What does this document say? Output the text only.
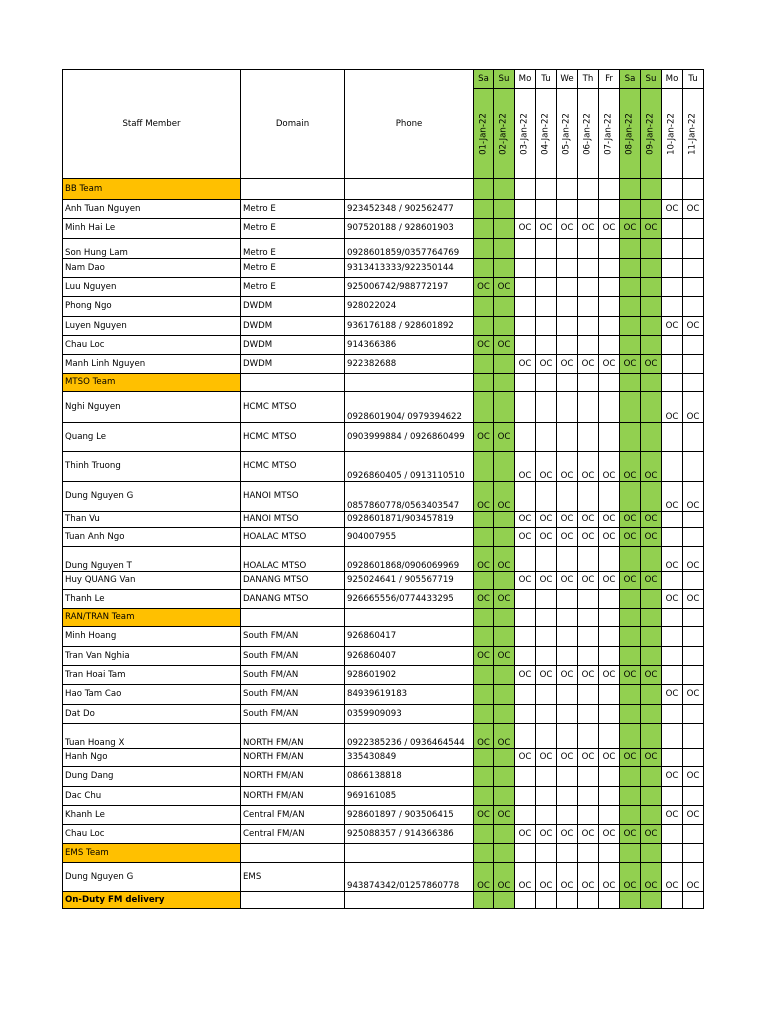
Staff Member	Domain	Phone	Sa	Su	Mo	Tu	We	Th	Fr	Sa	Su	Mo	Tu

			01-Jan-22	02-Jan-22	03-Jan-22	04-Jan-22	05-Jan-22	06-Jan-22	07-Jan-22	08-Jan-22	09-Jan-22	10-Jan-22	11-Jan-22

BB Team													
Anh Tuan Nguyen	Metro E	923452348 / 902562477										OC	OC
Minh Hai Le	Metro E	907520188 / 928601903			OC	OC	OC	OC	OC	OC	OC		
Son Hung Lam	Metro E	0928601859/0357764769											
Nam Dao	Metro E	9313413333/922350144											
Luu Nguyen	Metro E	925006742/988772197	OC	OC									
Phong Ngo	DWDM	928022024											
Luyen Nguyen	DWDM	936176188 / 928601892										OC	OC
Chau Loc	DWDM	914366386	OC	OC									
Manh Linh Nguyen	DWDM	922382688			OC	OC	OC	OC	OC	OC	OC		
MTSO Team													
Nghi Nguyen	HCMC MTSO	0928601904/ 0979394622										OC	OC
Quang Le	HCMC MTSO	0903999884 / 0926860499	OC	OC									
Thinh Truong	HCMC MTSO	0926860405 / 0913110510			OC	OC	OC	OC	OC	OC	OC		
Dung Nguyen G	HANOI MTSO	0857860778/0563403547	OC	OC								OC	OC
Than Vu	HANOI MTSO	0928601871/903457819			OC	OC	OC	OC	OC	OC	OC		
Tuan Anh Ngo	HOALAC MTSO	904007955			OC	OC	OC	OC	OC	OC	OC		
Dung Nguyen T	HOALAC MTSO	0928601868/0906069969	OC	OC								OC	OC
Huy QUANG Van	DANANG MTSO	925024641 / 905567719			OC	OC	OC	OC	OC	OC	OC		
Thanh Le	DANANG MTSO	926665556/0774433295	OC	OC								OC	OC
RAN/TRAN Team													
Minh Hoang	South FM/AN	926860417											
Tran Van Nghia	South FM/AN	926860407	OC	OC									
Tran Hoai Tam	South FM/AN	928601902			OC	OC	OC	OC	OC	OC	OC		
Hao Tam Cao	South FM/AN	84939619183										OC	OC
Dat Do	South FM/AN	0359909093											
Tuan Hoang X	NORTH FM/AN	0922385236 / 0936464544	OC	OC									
Hanh Ngo	NORTH FM/AN	335430849			OC	OC	OC	OC	OC	OC	OC		
Dung Dang	NORTH FM/AN	0866138818										OC	OC
Dac Chu	NORTH FM/AN	969161085											
Khanh Le	Central FM/AN	928601897 / 903506415	OC	OC								OC	OC
Chau Loc	Central FM/AN	925088357 / 914366386			OC	OC	OC	OC	OC	OC	OC		
EMS Team													
Dung Nguyen G	EMS	943874342/01257860778	OC	OC	OC	OC	OC	OC	OC	OC	OC	OC	OC
On-Duty FM delivery													
